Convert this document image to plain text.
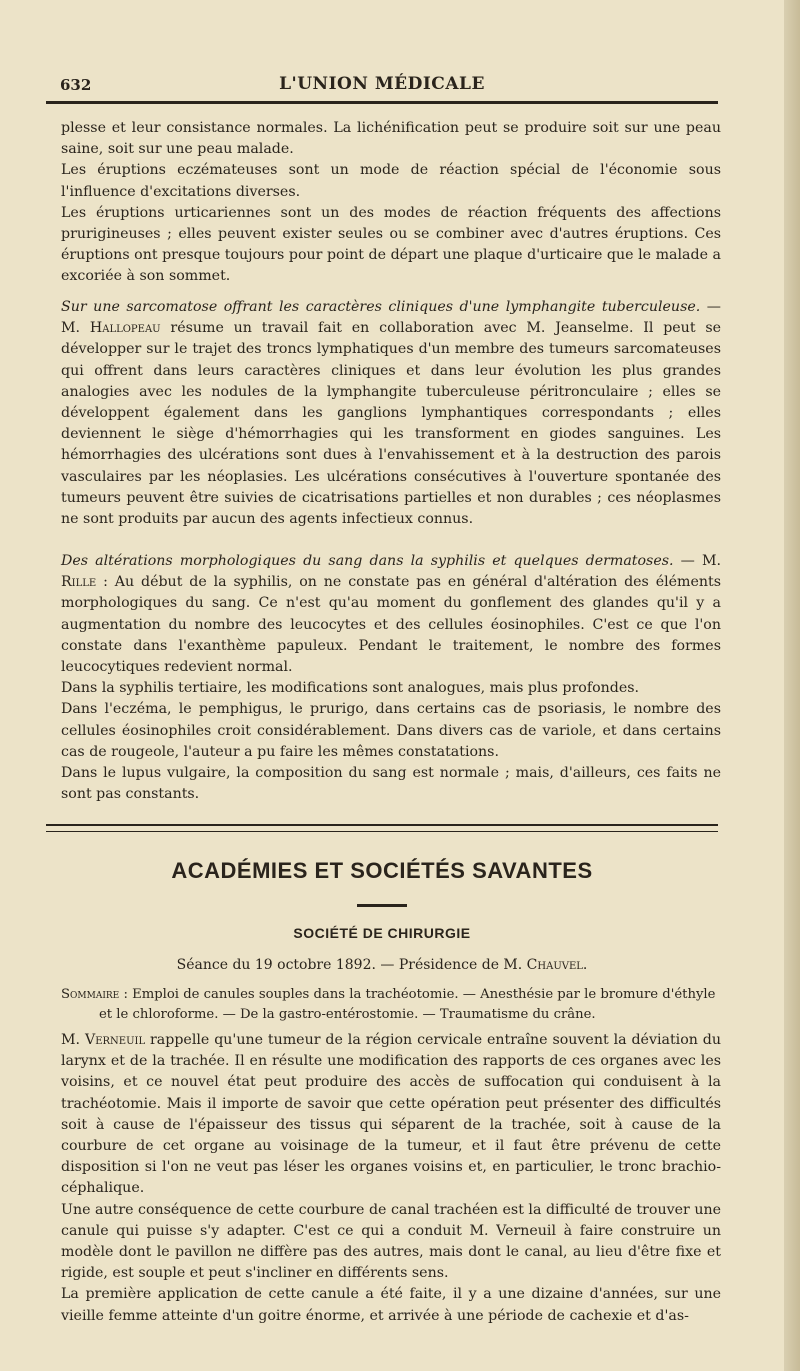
632	L'UNION MÉDICALE

plesse et leur consistance normales. La lichénification peut se produire soit sur une peau saine, soit sur une peau malade.

Les éruptions eczémateuses sont un mode de réaction spécial de l'économie sous l'influence d'excitations diverses.

Les éruptions urticariennes sont un des modes de réaction fréquents des affections prurigineuses ; elles peuvent exister seules ou se combiner avec d'autres éruptions. Ces éruptions ont presque toujours pour point de départ une plaque d'urticaire que le malade a excoriée à son sommet.

Sur une sarcomatose offrant les caractères cliniques d'une lymphangite tuberculeuse. — M. Hallopeau résume un travail fait en collaboration avec M. Jeanselme. Il peut se développer sur le trajet des troncs lymphatiques d'un membre des tumeurs sarcomateuses qui offrent dans leurs caractères cliniques et dans leur évolution les plus grandes analogies avec les nodules de la lymphangite tuberculeuse péritronculaire ; elles se développent également dans les ganglions lymphantiques correspondants ; elles deviennent le siège d'hémorrhagies qui les transforment en giodes sanguines. Les hémorrhagies des ulcérations sont dues à l'envahissement et à la destruction des parois vasculaires par les néoplasies. Les ulcérations consécutives à l'ouverture spontanée des tumeurs peuvent être suivies de cicatrisations partielles et non durables ; ces néoplasmes ne sont produits par aucun des agents infectieux connus.

Des altérations morphologiques du sang dans la syphilis et quelques dermatoses. — M. Rille : Au début de la syphilis, on ne constate pas en général d'altération des éléments morphologiques du sang. Ce n'est qu'au moment du gonflement des glandes qu'il y a augmentation du nombre des leucocytes et des cellules éosinophiles. C'est ce que l'on constate dans l'exanthème papuleux. Pendant le traitement, le nombre des formes leucocytiques redevient normal.

Dans la syphilis tertiaire, les modifications sont analogues, mais plus profondes.

Dans l'eczéma, le pemphigus, le prurigo, dans certains cas de psoriasis, le nombre des cellules éosinophiles croit considérablement. Dans divers cas de variole, et dans certains cas de rougeole, l'auteur a pu faire les mêmes constatations.

Dans le lupus vulgaire, la composition du sang est normale ; mais, d'ailleurs, ces faits ne sont pas constants.

ACADÉMIES ET SOCIÉTÉS SAVANTES
SOCIÉTÉ DE CHIRURGIE
Séance du 19 octobre 1892. — Présidence de M. Chauvel.
Sommaire : Emploi de canules souples dans la trachéotomie. — Anesthésie par le bromure d'éthyle
et le chloroforme. — De la gastro-entérostomie. — Traumatisme du crâne.

M. Verneuil rappelle qu'une tumeur de la région cervicale entraîne souvent la déviation du larynx et de la trachée. Il en résulte une modification des rapports de ces organes avec les voisins, et ce nouvel état peut produire des accès de suffocation qui conduisent à la trachéotomie. Mais il importe de savoir que cette opération peut présenter des difficultés soit à cause de l'épaisseur des tissus qui séparent de la trachée, soit à cause de la courbure de cet organe au voisinage de la tumeur, et il faut être prévenu de cette disposition si l'on ne veut pas léser les organes voisins et, en particulier, le tronc brachio-céphalique.

Une autre conséquence de cette courbure de canal trachéen est la difficulté de trouver une canule qui puisse s'y adapter. C'est ce qui a conduit M. Verneuil à faire construire un modèle dont le pavillon ne diffère pas des autres, mais dont le canal, au lieu d'être fixe et rigide, est souple et peut s'incliner en différents sens.

La première application de cette canule a été faite, il y a une dizaine d'années, sur une vieille femme atteinte d'un goitre énorme, et arrivée à une période de cachexie et d'as-
